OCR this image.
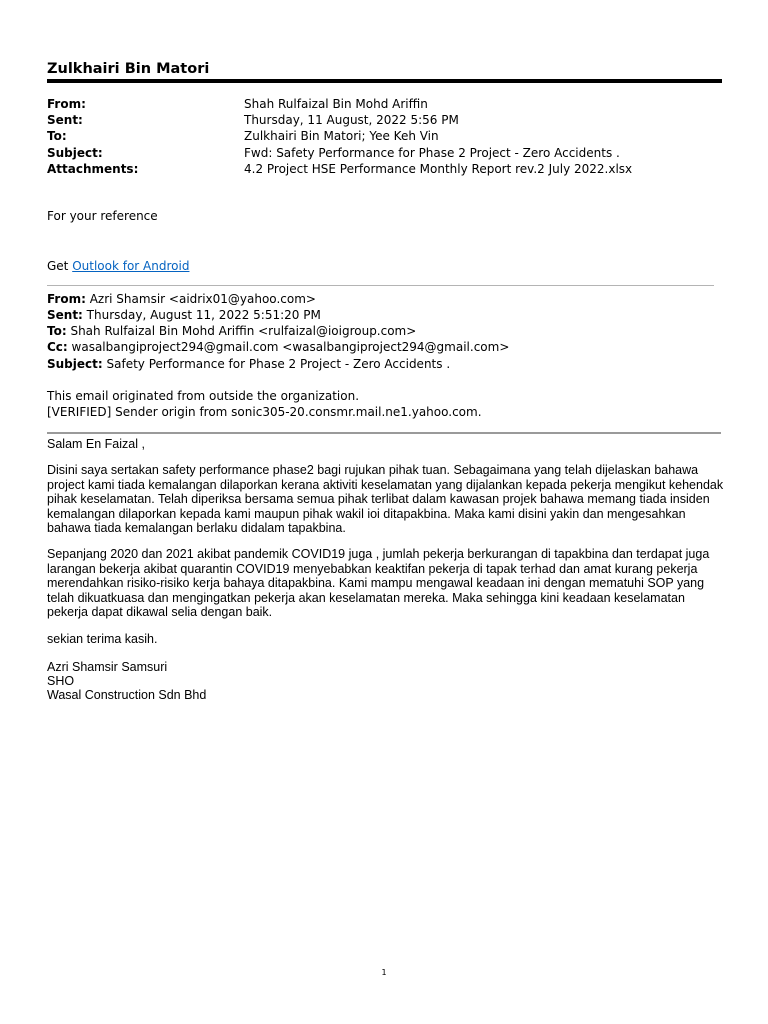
Zulkhairi Bin Matori
From:	Shah Rulfaizal Bin Mohd Ariffin
Sent:	Thursday, 11 August, 2022 5:56 PM
To:	Zulkhairi Bin Matori; Yee Keh Vin
Subject:	Fwd: Safety Performance for Phase 2 Project - Zero Accidents .
Attachments:	4.2 Project HSE Performance Monthly Report rev.2 July 2022.xlsx
For your reference
Get Outlook for Android
From: Azri Shamsir <aidrix01@yahoo.com>
Sent: Thursday, August 11, 2022 5:51:20 PM
To: Shah Rulfaizal Bin Mohd Ariffin <rulfaizal@ioigroup.com>
Cc: wasalbangiproject294@gmail.com <wasalbangiproject294@gmail.com>
Subject: Safety Performance for Phase 2 Project - Zero Accidents .
This email originated from outside the organization.
[VERIFIED] Sender origin from sonic305-20.consmr.mail.ne1.yahoo.com.
Salam En Faizal ,
Disini saya sertakan safety performance phase2 bagi rujukan pihak tuan. Sebagaimana yang telah dijelaskan bahawa project kami tiada kemalangan dilaporkan kerana aktiviti keselamatan yang dijalankan kepada pekerja mengikut kehendak pihak keselamatan. Telah diperiksa bersama semua pihak terlibat dalam kawasan projek bahawa memang tiada insiden kemalangan dilaporkan kepada kami maupun pihak wakil ioi ditapakbina. Maka kami disini yakin dan mengesahkan bahawa tiada kemalangan berlaku didalam tapakbina.
Sepanjang 2020 dan 2021 akibat pandemik COVID19 juga , jumlah pekerja berkurangan di tapakbina dan terdapat juga larangan bekerja akibat quarantin COVID19 menyebabkan keaktifan pekerja di tapak terhad dan amat kurang pekerja merendahkan risiko-risiko kerja bahaya ditapakbina. Kami mampu mengawal keadaan ini dengan mematuhi SOP yang telah dikuatkuasa dan mengingatkan pekerja akan keselamatan mereka. Maka sehingga kini keadaan keselamatan pekerja dapat dikawal selia dengan baik.
sekian terima kasih.
Azri Shamsir Samsuri
SHO
Wasal Construction Sdn Bhd
1
